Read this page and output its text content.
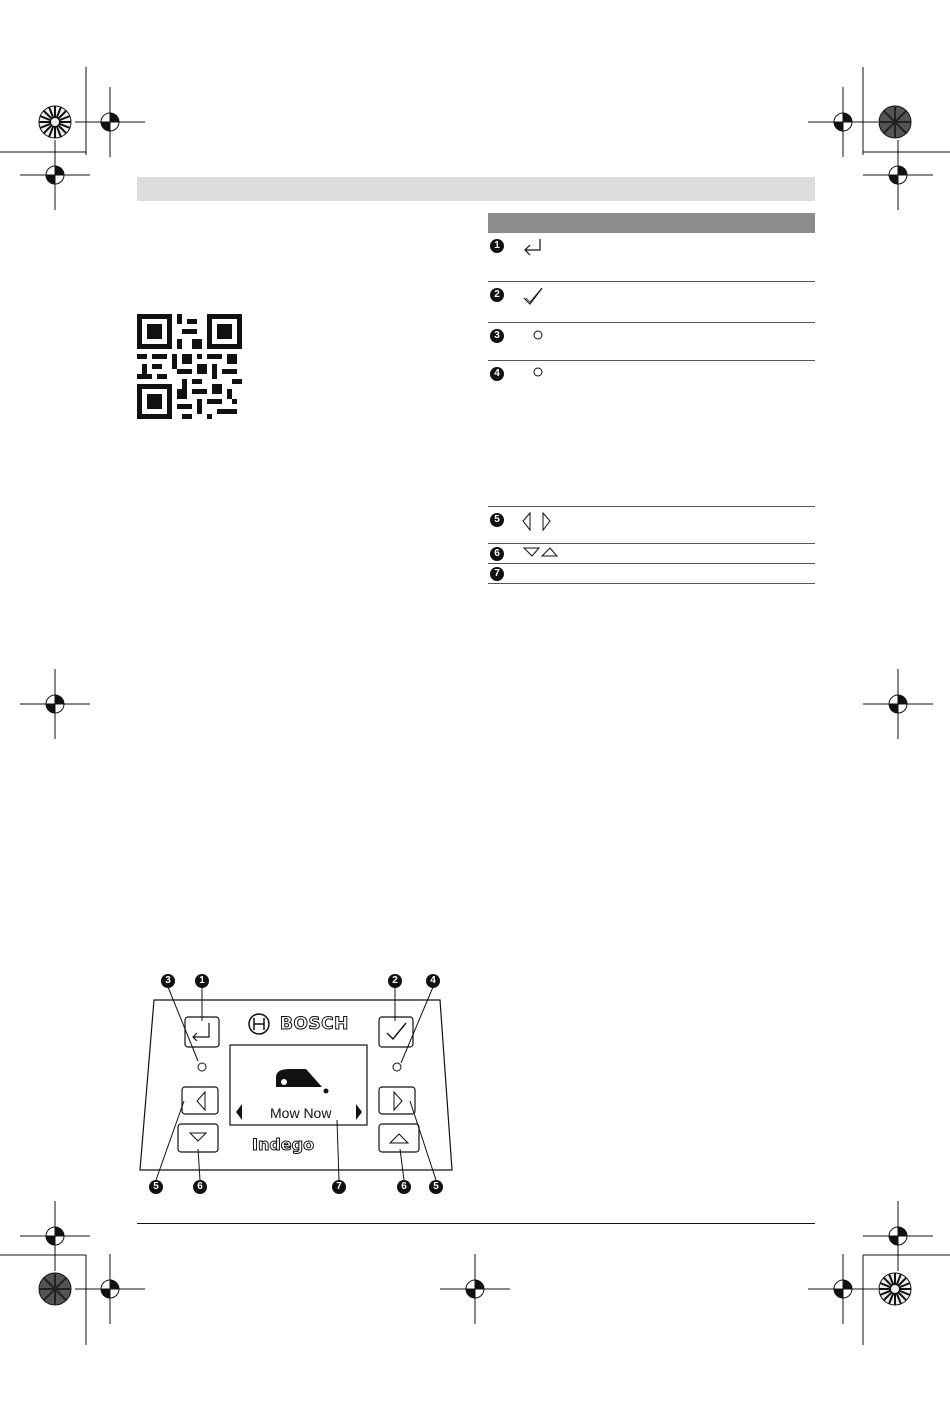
1
2
3
4
5
6
7
BOSCH
Indego
Mow Now
3	1	2	4
5	6	7	6	5
